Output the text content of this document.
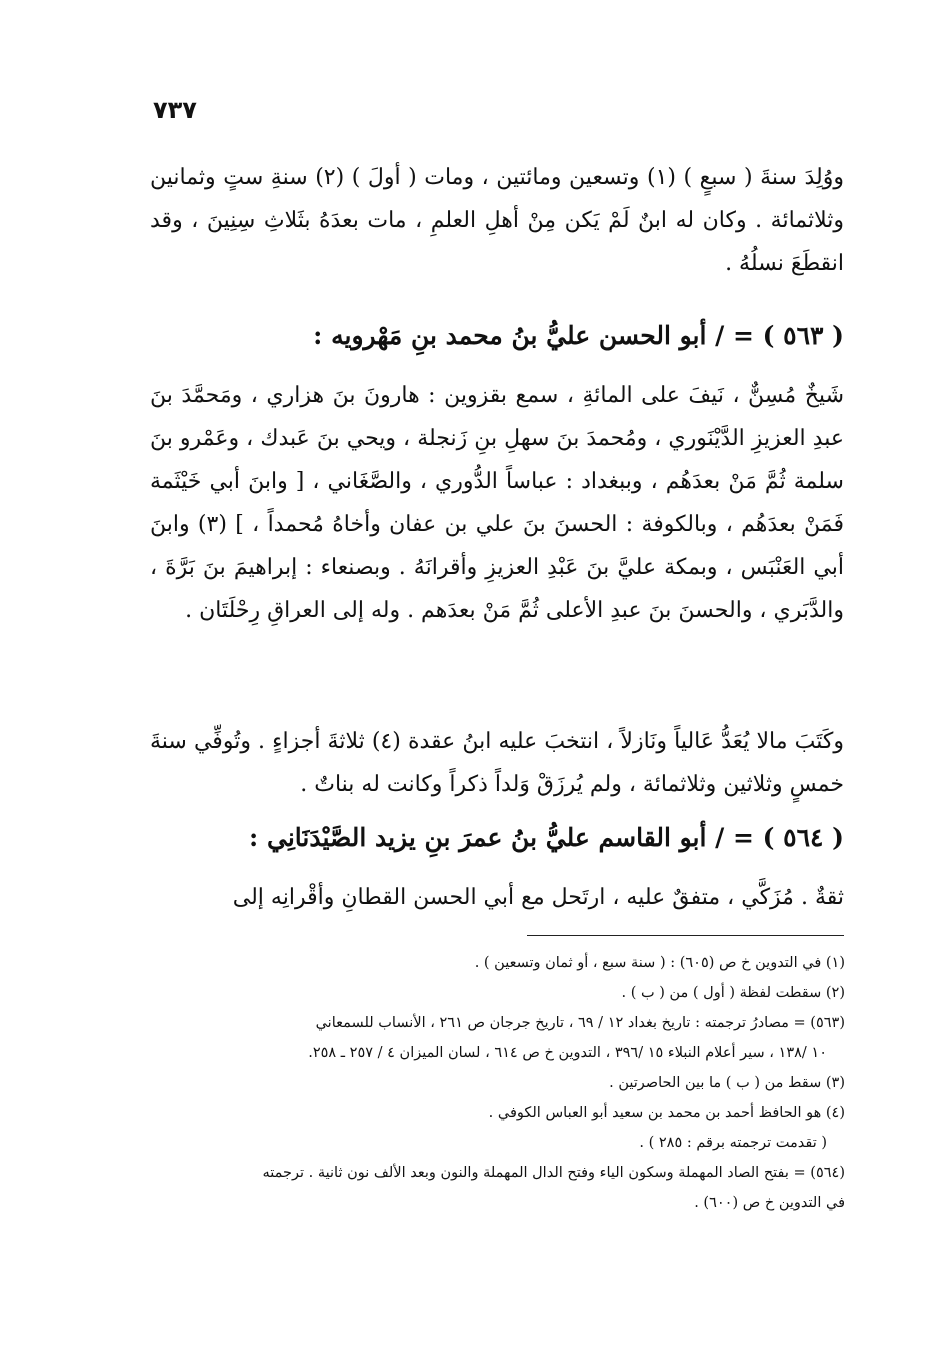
٧٣٧

ووُلِدَ سنةَ ( سبعٍ ) (١) وتسعين ومائتين ، ومات ( أولَ ) (٢) سنةِ ستٍ وثمانين وثلاثمائة . وكان له ابنٌ لَمْ يَكن مِنْ أهلِ العلمِ ، مات بعدَهُ بثَلاثِ سِنِينَ ، وقد انقطَعَ نسلُهُ .

( ٥٦٣ ) = / أبو الحسن عليُّ بنُ محمد بنِ مَهْرويه :

شَيخٌ مُسِنٌّ ، نَيفَ على المائةِ ، سمع بقزوين : هارونَ بنَ هزاري ، ومَحمَّدَ بنَ عبدِ العزيزِ الدَّيْنَوري ، ومُحمدَ بنَ سهلِ بنِ زَنجلة ، ويحي بنَ عَبدك ، وعَمْرو بنَ سلمة ثُمَّ مَنْ بعدَهُم ، وببغداد : عباساً الدُّوري ، والصَّغَاني ، [ وابنَ أبي خَيْثَمة فَمَنْ بعدَهُم ، وبالكوفة : الحسنَ بنَ علي بن عفان وأخاهُ مُحمداً ، ] (٣) وابنَ أبي العَنْبَس ، وبمكة عليَّ بنَ عَبْدِ العزيزِ وأقرانَهُ . وبصنعاء : إبراهيمَ بنَ بَرَّةَ ، والدَّبَري ، والحسنَ بنَ عبدِ الأعلى ثُمَّ مَنْ بعدَهم . وله إلى العراقِ رِحْلَتَان .

وكَتَبَ مالا يُعَدُّ عَالياً ونَازلاً ، انتخبَ عليه ابنُ عقدة (٤) ثلاثةَ أجزاءٍ . وتُوفِّي سنةَ خمسٍ وثلاثين وثلاثمائة ، ولم يُرزَقْ وَلداً ذكراً وكانت له بناتٌ .

( ٥٦٤ ) = / أبو القاسم عليُّ بنُ عمرَ بنِ يزيد الصَّيْدَنَانِي :

ثقةٌ . مُزَكَّي ، متفقٌ عليه ، ارتَحل مع أبي الحسن القطانِ وأقْرانِه إلى

(١) في التدوين خ ص (٦٠٥) : ( سنة سبع ، أو ثمان وتسعين ) .

(٢) سقطت لفظة ( أول ) من ( ب ) .

(٥٦٣) = مصادرُ ترجمته : تاريخ بغداد ١٢ / ٦٩ ، تاريخ جرجان ص ٢٦١ ، الأنساب للسمعاني

١٠ /١٣٨ ، سير أعلام النبلاء ١٥ /٣٩٦ ، التدوين خ ص ٦١٤ ، لسان الميزان ٤ / ٢٥٧ ـ ٢٥٨.

(٣) سقط من ( ب ) ما بين الحاصرتين .

(٤) هو الحافظ أحمد بن محمد بن سعيد أبو العباس الكوفي .

( تقدمت ترجمته برقم : ٢٨٥ ) .

(٥٦٤) = بفتح الصاد المهملة وسكون الياء وفتح الدال المهملة والنون وبعد الألف نون ثانية . ترجمته

في التدوين خ ص (٦٠٠) .
